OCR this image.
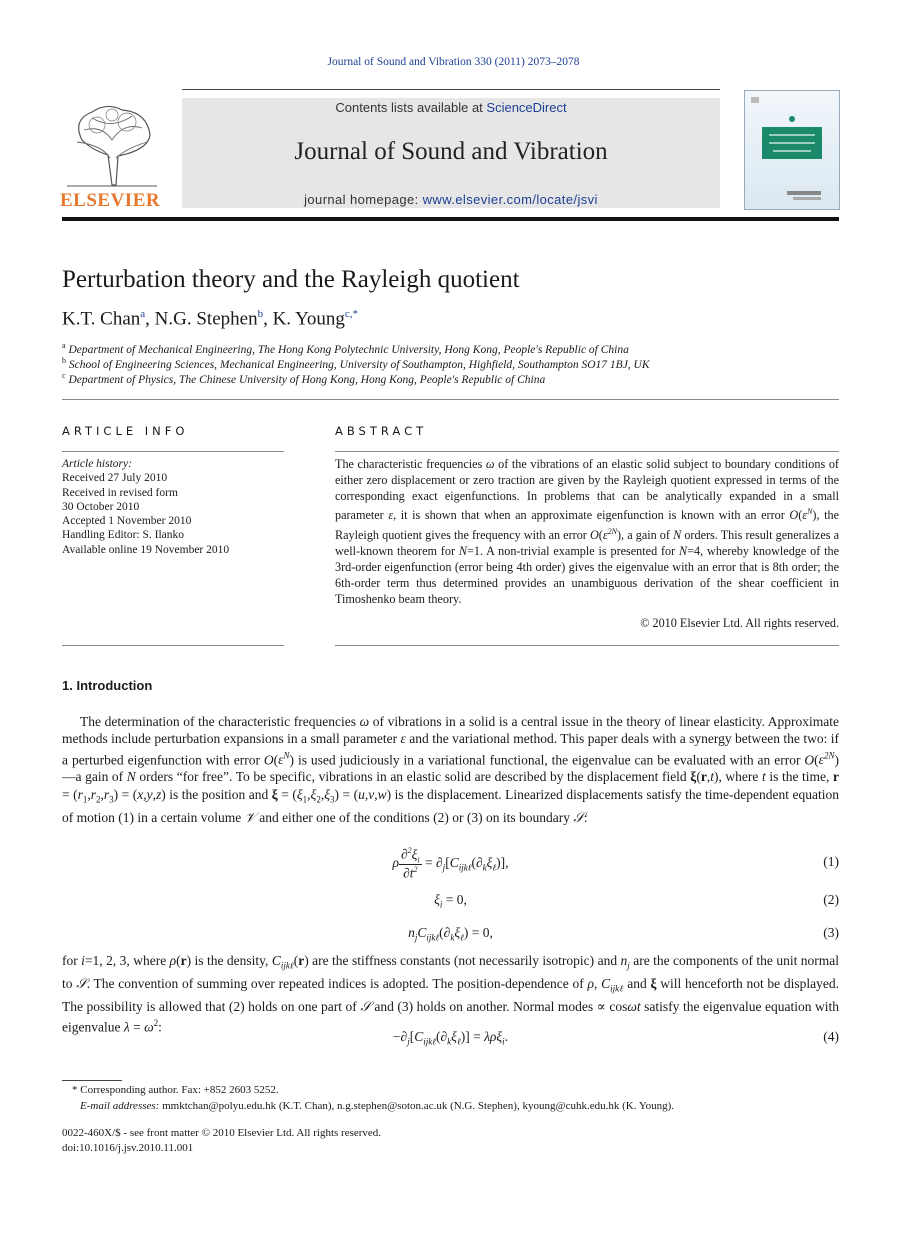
Journal of Sound and Vibration 330 (2011) 2073–2078
ELSEVIER
Contents lists available at ScienceDirect
Journal of Sound and Vibration
journal homepage: www.elsevier.com/locate/jsvi
Perturbation theory and the Rayleigh quotient
K.T. Chan$^a$, N.G. Stephen$^b$, K. Young$^{c,*}$
$^a$ Department of Mechanical Engineering, The Hong Kong Polytechnic University, Hong Kong, People's Republic of China
$^b$ School of Engineering Sciences, Mechanical Engineering, University of Southampton, Highfield, Southampton SO17 1BJ, UK
$^c$ Department of Physics, The Chinese University of Hong Kong, Hong Kong, People's Republic of China
ARTICLE INFO
Article history:
Received 27 July 2010
Received in revised form
30 October 2010
Accepted 1 November 2010
Handling Editor: S. Ilanko
Available online 19 November 2010
ABSTRACT
The characteristic frequencies ω of the vibrations of an elastic solid subject to boundary conditions of either zero displacement or zero traction are given by the Rayleigh quotient expressed in terms of the corresponding exact eigenfunctions. In problems that can be analytically expanded in a small parameter ε, it is shown that when an approximate eigenfunction is known with an error $O(\varepsilon^N)$, the Rayleigh quotient gives the frequency with an error $O(\varepsilon^{2N})$, a gain of N orders. This result generalizes a well-known theorem for N=1. A non-trivial example is presented for N=4, whereby knowledge of the 3rd-order eigenfunction (error being 4th order) gives the eigenvalue with an error that is 8th order; the 6th-order term thus determined provides an unambiguous derivation of the shear coefficient in Timoshenko beam theory.
© 2010 Elsevier Ltd. All rights reserved.
1. Introduction
The determination of the characteristic frequencies ω of vibrations in a solid is a central issue in the theory of linear elasticity. Approximate methods include perturbation expansions in a small parameter ε and the variational method. This paper deals with a synergy between the two: if a perturbed eigenfunction with error $O(\varepsilon^N)$ is used judiciously in a variational functional, the eigenvalue can be evaluated with an error $O(\varepsilon^{2N})—a$ gain of N orders “for free”. To be specific, vibrations in an elastic solid are described by the displacement field ξ(r,t), where t is the time, $r = (r_1,r_2,r_3) = (x,y,z)$ is the position and $\xi = (\xi_1,\xi_2,\xi_3) = (u,v,w)$ is the displacement. Linearized displacements satisfy the time-dependent equation of motion (1) in a certain volume 𝒱 and either one of the conditions (2) or (3) on its boundary 𝒮:
ρ $\frac{\partial^2\xi_i}{\partial t^2} = \partial_j[C_{ijk\ell}(\partial_k\xi_\ell)]$,	(1)
$\xi_i = 0$,	(2)
$n_jC_{ijk\ell}(\partial_k\xi_\ell) = 0$,	(3)
for i=1, 2, 3, where ρ(r) is the density, $C_{ijk\ell}(r)$ are the stiffness constants (not necessarily isotropic) and $n_j$ are the components of the unit normal to 𝒮. The convention of summing over repeated indices is adopted. The position-dependence of ρ, $C_{ijk\ell}$ and ξ will henceforth not be displayed. The possibility is allowed that (2) holds on one part of 𝒮 and (3) holds on another. Normal modes ∝ cosωt satisfy the eigenvalue equation with eigenvalue $\lambda = \omega^2$:
$-\partial_j[C_{ijk\ell}(\partial_k\xi_\ell)] = \lambda\rho\xi_i$.	(4)
* Corresponding author. Fax: +852 2603 5252.
E-mail addresses: mmktchan@polyu.edu.hk (K.T. Chan), n.g.stephen@soton.ac.uk (N.G. Stephen), kyoung@cuhk.edu.hk (K. Young).
0022-460X/$ - see front matter © 2010 Elsevier Ltd. All rights reserved.
doi:10.1016/j.jsv.2010.11.001
